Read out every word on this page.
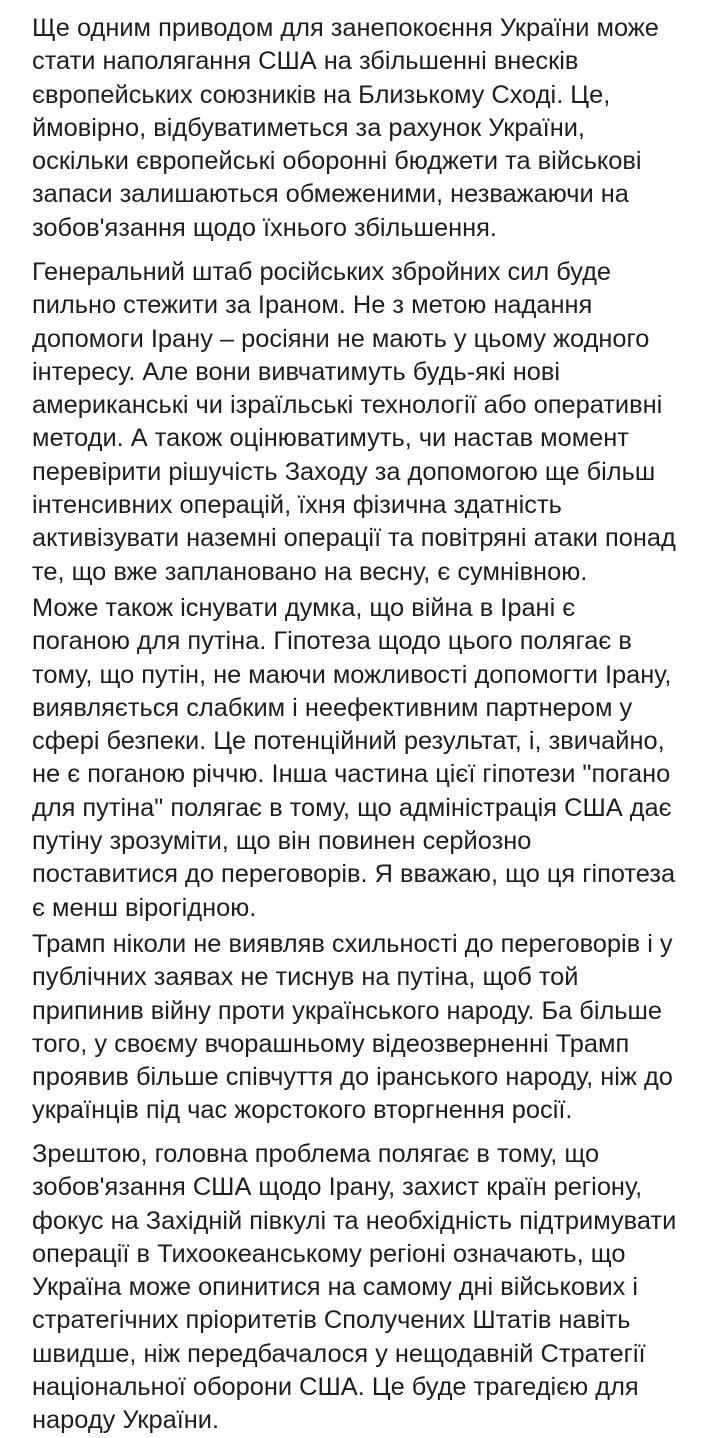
Ще одним приводом для занепокоєння України може
стати наполягання США на збільшенні внесків
європейських союзників на Близькому Сході. Це,
ймовірно, відбуватиметься за рахунок України,
оскільки європейські оборонні бюджети та військові
запаси залишаються обмеженими, незважаючи на
зобов'язання щодо їхнього збільшення.

Генеральний штаб російських збройних сил буде
пильно стежити за Іраном. Не з метою надання
допомоги Ірану – росіяни не мають у цьому жодного
інтересу. Але вони вивчатимуть будь-які нові
американські чи ізраїльські технології або оперативні
методи. А також оцінюватимуть, чи настав момент
перевірити рішучість Заходу за допомогою ще більш
інтенсивних операцій, їхня фізична здатність
активізувати наземні операції та повітряні атаки понад
те, що вже заплановано на весну, є сумнівною.

Може також існувати думка, що війна в Ірані є
поганою для путіна. Гіпотеза щодо цього полягає в
тому, що путін, не маючи можливості допомогти Ірану,
виявляється слабким і неефективним партнером у
сфері безпеки. Це потенційний результат, і, звичайно,
не є поганою річчю. Інша частина цієї гіпотези "погано
для путіна" полягає в тому, що адміністрація США дає
путіну зрозуміти, що він повинен серйозно
поставитися до переговорів. Я вважаю, що ця гіпотеза
є менш вірогідною.

Трамп ніколи не виявляв схильності до переговорів і у
публічних заявах не тиснув на путіна, щоб той
припинив війну проти українського народу. Ба більше
того, у своєму вчорашньому відеозверненні Трамп
проявив більше співчуття до іранського народу, ніж до
українців під час жорстокого вторгнення росії.

Зрештою, головна проблема полягає в тому, що
зобов'язання США щодо Ірану, захист країн регіону,
фокус на Західній півкулі та необхідність підтримувати
операції в Тихоокеанському регіоні означають, що
Україна може опинитися на самому дні військових і
стратегічних пріоритетів Сполучених Штатів навіть
швидше, ніж передбачалося у нещодавній Стратегії
національної оборони США. Це буде трагедією для
народу України.
